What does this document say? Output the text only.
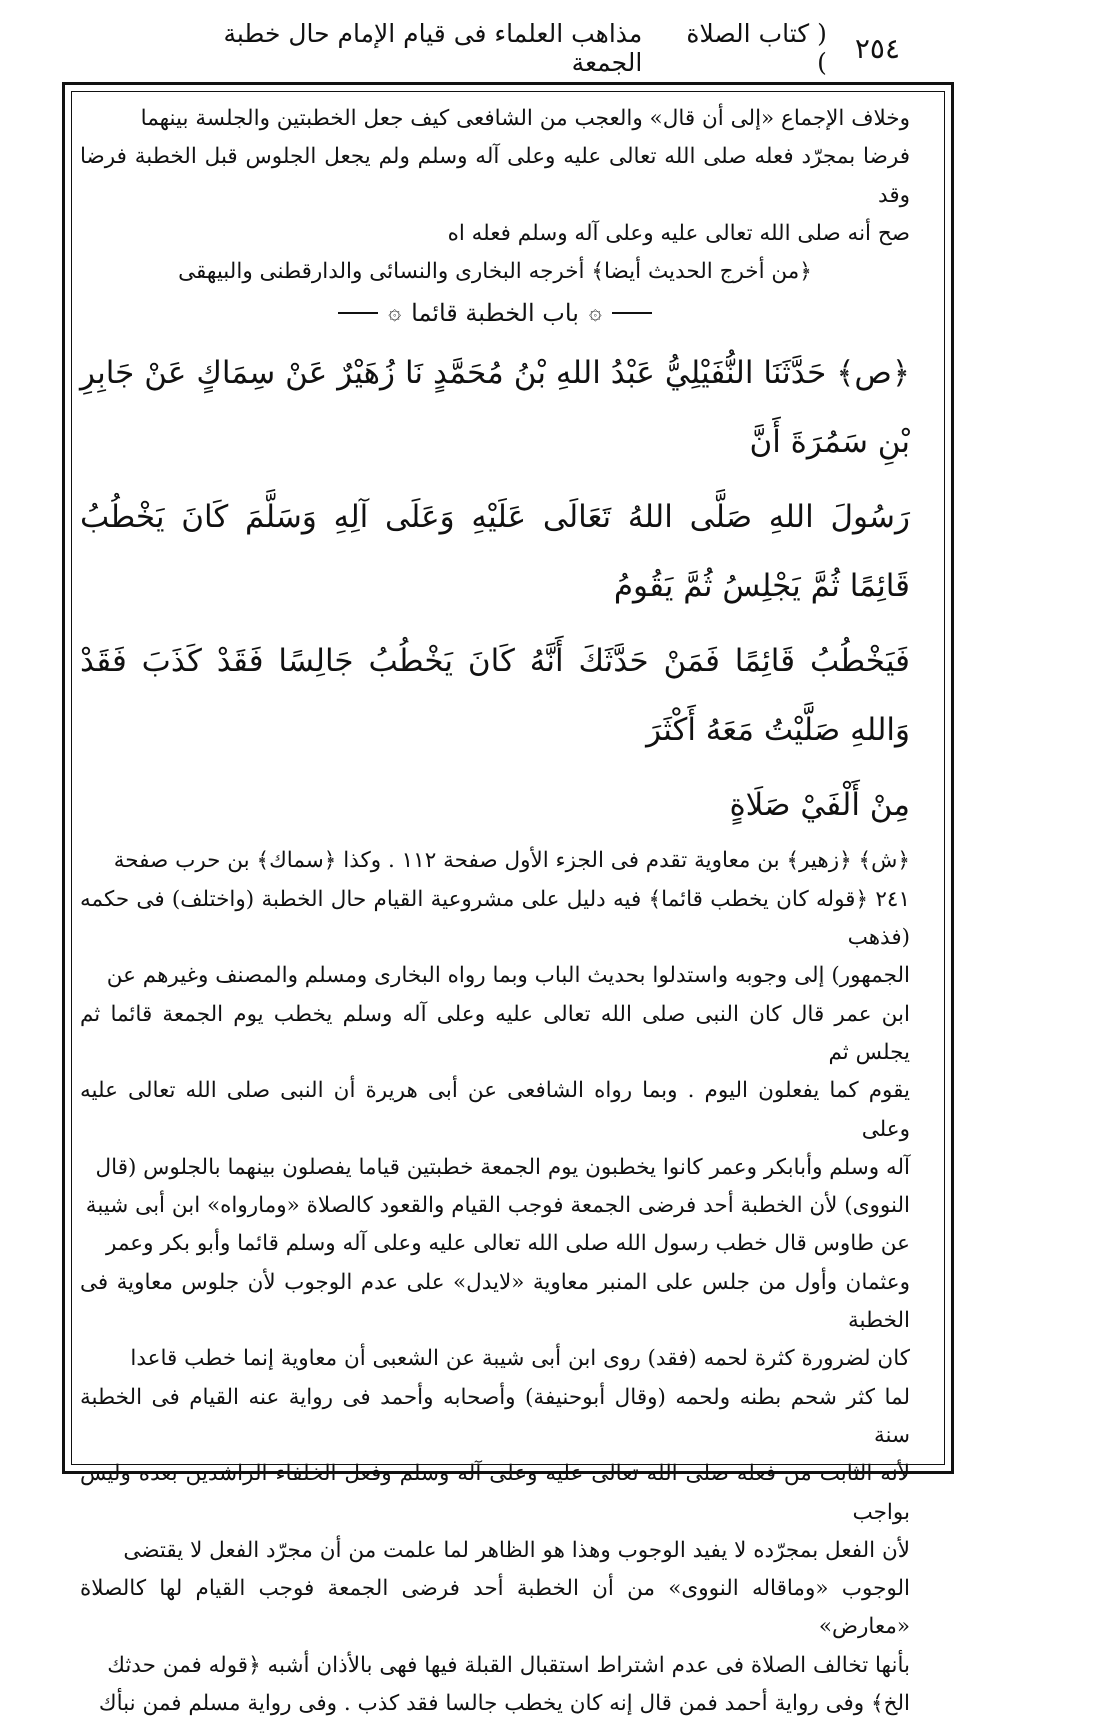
٢٥٤
( كتاب الصلاة )
مذاهب العلماء فى قيام الإمام حال خطبة الجمعة

وخلاف الإجماع «إلى أن قال» والعجب من الشافعى كيف جعل الخطبتين والجلسة بينهما

فرضا بمجرّد فعله صلى الله تعالى عليه وعلى آله وسلم ولم يجعل الجلوس قبل الخطبة فرضا وقد

صح أنه صلى الله تعالى عليه وعلى آله وسلم فعله اه

﴿من أخرج الحديث أيضا﴾ أخرجه البخارى والنسائى والدارقطنى والبيهقى

۞
باب الخطبة قائما
۞

﴿ص﴾ حَدَّثَنَا النُّفَيْلِيُّ عَبْدُ اللهِ بْنُ مُحَمَّدٍ نَا زُهَيْرٌ عَنْ سِمَاكٍ عَنْ جَابِرِ بْنِ سَمُرَةَ أَنَّ

رَسُولَ اللهِ صَلَّى اللهُ تَعَالَى عَلَيْهِ وَعَلَى آلِهِ وَسَلَّمَ كَانَ يَخْطُبُ قَائِمًا ثُمَّ يَجْلِسُ ثُمَّ يَقُومُ

فَيَخْطُبُ قَائِمًا فَمَنْ حَدَّثَكَ أَنَّهُ كَانَ يَخْطُبُ جَالِسًا فَقَدْ كَذَبَ فَقَدْ وَاللهِ صَلَّيْتُ مَعَهُ أَكْثَرَ

مِنْ أَلْفَيْ صَلَاةٍ

﴿ش﴾ ﴿زهير﴾ بن معاوية تقدم فى الجزء الأول صفحة ١١٢ . وكذا ﴿سماك﴾ بن حرب صفحة

٢٤١ ﴿قوله كان يخطب قائما﴾ فيه دليل على مشروعية القيام حال الخطبة (واختلف) فى حكمه (فذهب

الجمهور) إلى وجوبه واستدلوا بحديث الباب وبما رواه البخارى ومسلم والمصنف وغيرهم عن

ابن عمر قال كان النبى صلى الله تعالى عليه وعلى آله وسلم يخطب يوم الجمعة قائما ثم يجلس ثم

يقوم كما يفعلون اليوم . وبما رواه الشافعى عن أبى هريرة أن النبى صلى الله تعالى عليه وعلى

آله وسلم وأبابكر وعمر كانوا يخطبون يوم الجمعة خطبتين قياما يفصلون بينهما بالجلوس (قال

النووى) لأن الخطبة أحد فرضى الجمعة فوجب القيام والقعود كالصلاة «ومارواه» ابن أبى شيبة

عن طاوس قال خطب رسول الله صلى الله تعالى عليه وعلى آله وسلم قائما وأبو بكر وعمر

وعثمان وأول من جلس على المنبر معاوية «لايدل» على عدم الوجوب لأن جلوس معاوية فى الخطبة

كان لضرورة كثرة لحمه (فقد) روى ابن أبى شيبة عن الشعبى أن معاوية إنما خطب قاعدا

لما كثر شحم بطنه ولحمه (وقال أبوحنيفة) وأصحابه وأحمد فى رواية عنه القيام فى الخطبة سنة

لأنه الثابت من فعله صلى الله تعالى عليه وعلى آله وسلم وفعل الخلفاء الراشدين بعده وليس بواجب

لأن الفعل بمجرّده لا يفيد الوجوب وهذا هو الظاهر لما علمت من أن مجرّد الفعل لا يقتضى

الوجوب «وماقاله النووى» من أن الخطبة أحد فرضى الجمعة فوجب القيام لها كالصلاة «معارض»

بأنها تخالف الصلاة فى عدم اشتراط استقبال القبلة فيها فهى بالأذان أشبه ﴿قوله فمن حدثك

الخ﴾ وفى رواية أحمد فمن قال إنه كان يخطب جالسا فقد كذب . وفى رواية مسلم فمن نبأك
